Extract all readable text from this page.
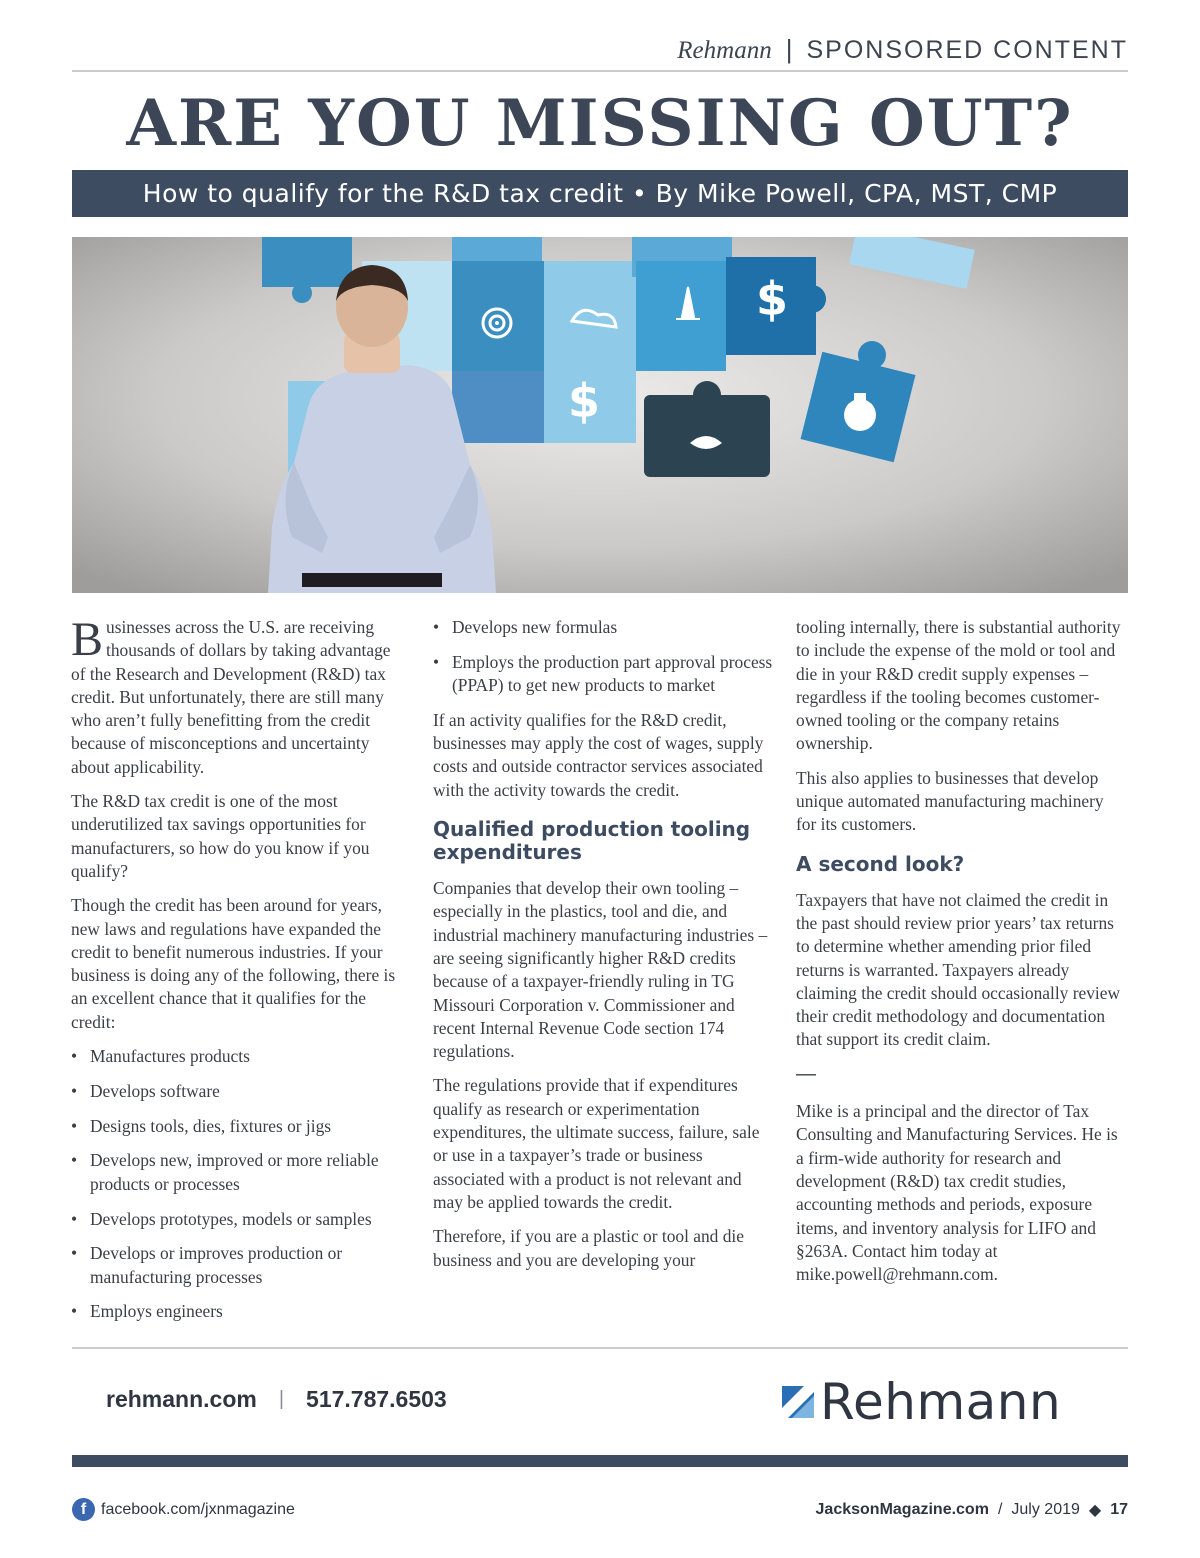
Rehmann | SPONSORED CONTENT
ARE YOU MISSING OUT?
How to qualify for the R&D tax credit • By Mike Powell, CPA, MST, CMP
$
$

Businesses across the U.S. are receiving thousands of dollars by taking advantage of the Research and Development (R&D) tax credit. But unfortunately, there are still many who aren’t fully benefitting from the credit because of misconceptions and uncertainty about applicability.

The R&D tax credit is one of the most underutilized tax savings opportunities for manufacturers, so how do you know if you qualify?

Though the credit has been around for years, new laws and regulations have expanded the credit to benefit numerous industries. If your business is doing any of the following, there is an excellent chance that it qualifies for the credit:

• Manufactures products
• Develops software
• Designs tools, dies, fixtures or jigs
• Develops new, improved or more reliable products or processes
• Develops prototypes, models or samples
• Develops or improves production or manufacturing processes
• Employs engineers
• Develops new formulas
• Employs the production part approval process (PPAP) to get new products to market

If an activity qualifies for the R&D credit, businesses may apply the cost of wages, supply costs and outside contractor services associated with the activity towards the credit.

Qualified production tooling expenditures

Companies that develop their own tooling – especially in the plastics, tool and die, and industrial machinery manufacturing industries – are seeing significantly higher R&D credits because of a taxpayer-friendly ruling in TG Missouri Corporation v. Commissioner and recent Internal Revenue Code section 174 regulations.

The regulations provide that if expenditures qualify as research or experimentation expenditures, the ultimate success, failure, sale or use in a taxpayer’s trade or business associated with a product is not relevant and may be applied towards the credit.

Therefore, if you are a plastic or tool and die business and you are developing your

tooling internally, there is substantial authority to include the expense of the mold or tool and die in your R&D credit supply expenses – regardless if the tooling becomes customer-owned tooling or the company retains ownership.

This also applies to businesses that develop unique automated manufacturing machinery for its customers.

A second look?

Taxpayers that have not claimed the credit in the past should review prior years’ tax returns to determine whether amending prior filed returns is warranted. Taxpayers already claiming the credit should occasionally review their credit methodology and documentation that support its credit claim.

—

Mike is a principal and the director of Tax Consulting and Manufacturing Services. He is a firm-wide authority for research and development (R&D) tax credit studies, accounting methods and periods, exposure items, and inventory analysis for LIFO and §263A. Contact him today at mike.powell@rehmann.com.

rehmann.com | 517.787.6503	Rehmann
f facebook.com/jxnmagazine	JacksonMagazine.com / July 2019 ◆ 17
